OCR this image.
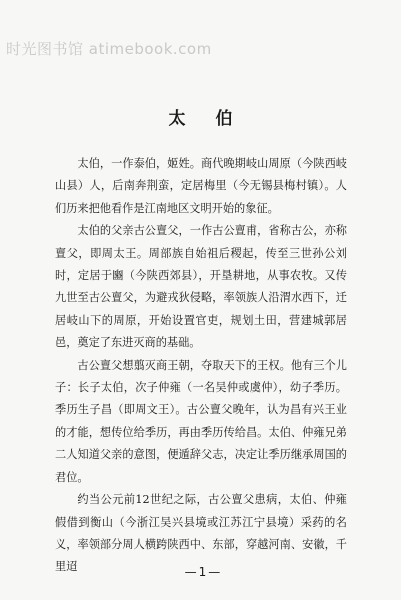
时光图书馆 atimebook.com
太 伯

太伯，一作泰伯，姬姓。商代晚期岐山周原（今陕西岐山县）人，后南奔荆蛮，定居梅里（今无锡县梅村镇）。人们历来把他看作是江南地区文明开始的象征。

太伯的父亲古公亶父，一作古公亶甫，省称古公，亦称亶父，即周太王。周部族自始祖后稷起，传至三世孙公刘时，定居于豳（今陕西郊县），开垦耕地，从事农牧。又传九世至古公亶父，为避戎狄侵略，率领族人沿渭水西下，迁居岐山下的周原，开始设置官吏，规划土田，营建城郭居邑，奠定了东进灭商的基础。

古公亶父想翦灭商王朝，夺取天下的王权。他有三个儿子：长子太伯，次子仲雍（一名吴仲或虞仲），幼子季历。季历生子昌（即周文王）。古公亶父晚年，认为昌有兴王业的才能，想传位给季历，再由季历传给昌。太伯、仲雍兄弟二人知道父亲的意图，便遁辞父志，决定让季历继承周国的君位。

约当公元前12世纪之际，古公亶父患病，太伯、仲雍假借到衡山（今浙江吴兴县境或江苏江宁县境）采药的名义，率领部分周人横跨陕西中、东部，穿越河南、安徽，千里迢	—1—
